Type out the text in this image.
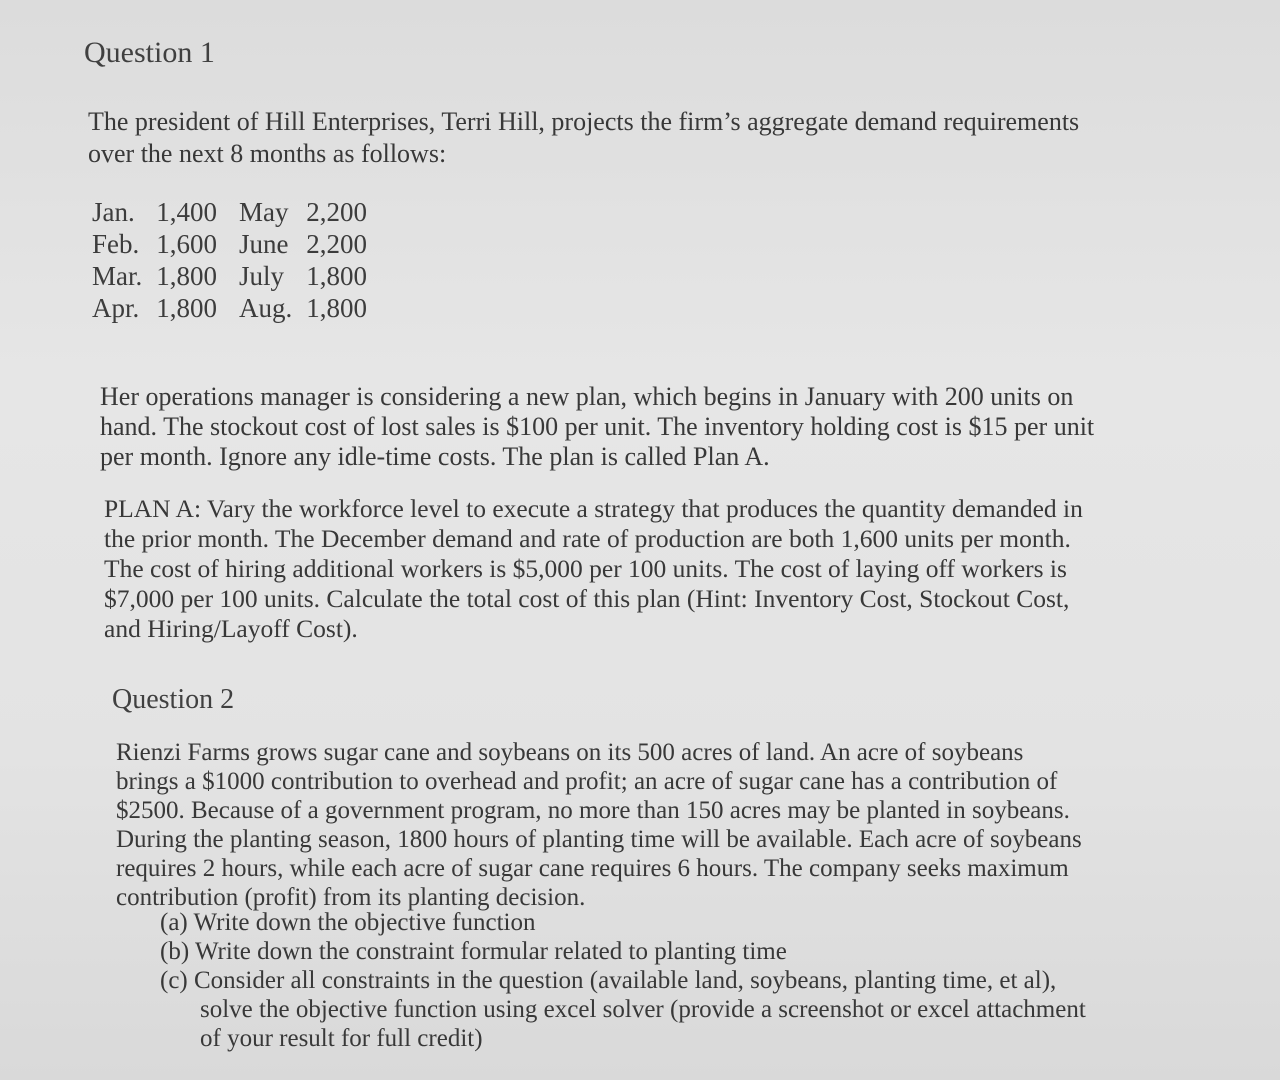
Question 1
The president of Hill Enterprises, Terri Hill, projects the firm’s aggregate demand requirements
over the next 8 months as follows:
Jan.	1,400	May	2,200
Feb.	1,600	June	2,200
Mar.	1,800	July	1,800
Apr.	1,800	Aug.	1,800
Her operations manager is considering a new plan, which begins in January with 200 units on
hand. The stockout cost of lost sales is $100 per unit. The inventory holding cost is $15 per unit
per month. Ignore any idle-time costs. The plan is called Plan A.
PLAN A: Vary the workforce level to execute a strategy that produces the quantity demanded in
the prior month. The December demand and rate of production are both 1,600 units per month.
The cost of hiring additional workers is $5,000 per 100 units. The cost of laying off workers is
$7,000 per 100 units. Calculate the total cost of this plan (Hint: Inventory Cost, Stockout Cost,
and Hiring/Layoff Cost).
Question 2
Rienzi Farms grows sugar cane and soybeans on its 500 acres of land. An acre of soybeans
brings a $1000 contribution to overhead and profit; an acre of sugar cane has a contribution of
$2500. Because of a government program, no more than 150 acres may be planted in soybeans.
During the planting season, 1800 hours of planting time will be available. Each acre of soybeans
requires 2 hours, while each acre of sugar cane requires 6 hours. The company seeks maximum
contribution (profit) from its planting decision.
(a) Write down the objective function
(b) Write down the constraint formular related to planting time
(c) Consider all constraints in the question (available land, soybeans, planting time, et al),
solve the objective function using excel solver (provide a screenshot or excel attachment
of your result for full credit)
